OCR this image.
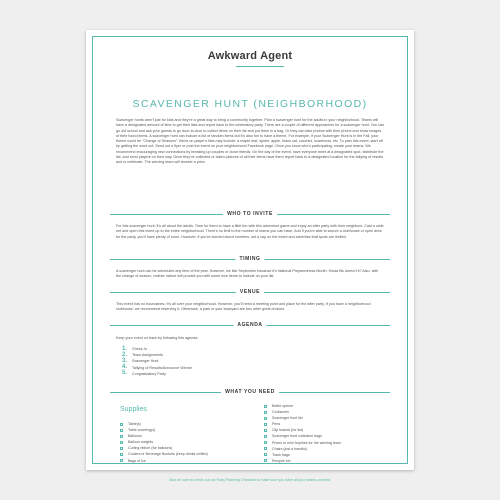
Awkward Agent
SCAVENGER HUNT (NEIGHBORHOOD)

Scavenger hunts aren't just for kids and they're a great way to bring a community together. Plan a scavenger hunt for the adults in your neighborhood. Teams will have a designated amount of time to get their lists and report back to the celebratory party. There are a couple of different approaches for a scavenger hunt. You can go old school and ask your guests to go door-to-door to collect items on their list and put them in a bag. Or they can take photos with their phone and show images of their found items. A scavenger hunt can include a list of random items but it's also fun to have a theme. For example, if your Scavenger Hunt is in the Fall, your theme could be "Change of Seasons". Items on player's lists may include: a maple leaf, spider, apple, black cat, zucchini, scarecrow, etc. To plan this event, start off by getting the word out. Send out a flyer or post the event on your neighborhood Facebook page. Once you know who's participating, create your teams. We recommend encouraging new connections by breaking up couples or close friends. On the day of the event, have everyone meet at a designated spot, distribute the list, and send players on their way. Once they've collected or taken pictures of all their items have them report back to a designated location for the tallying of results and to celebrate. The winning team will receive a prize.

WHO TO INVITE

For this scavenger hunt, it's all about the adults. Time for them to have a little fun with this adventure game and enjoy an after party with their neighbors. Cast a wide net and open this event up to the entire neighborhood. There's no limit to the number of teams you can have. And if you're able to secure a clubhouse or open area for the party, you'll have plenty of room. However, if you're worried about numbers, set a cap on the event and advertise that spots are limited.

TIMING

A scavenger hunt can be scheduled any time of the year. However, we like September because it's National Preparedness Month. Kinda fits doesn't it? Also, with the change of season, mother nature will provide you with some nice items to include on your list.

VENUE

This event has no boundaries. It's all over your neighborhood. However, you'll need a meeting point and place for the after party. If you have a neighborhood clubhouse, we recommend reserving it. Otherwise, a park or your backyard are two other great choices.

AGENDA

Keep your event on track by following this agenda.

1. Check-In
2. Team Assignments
3. Scavenger Hunt
4. Tallying of Results/Announce Winner
5. Congratulatory Party
WHAT YOU NEED
Supplies
Table(s)
Table covering(s)
Balloons
Balloon weights
Curling ribbon (for balloons)
Coolers or Beverage Buckets (keep drinks chilled)
Bags of ice
Bottle opener
Corkscrew
Scavenger hunt list
Pens
Clip boards (for list)
Scavenger hunt collection bags
Prizes or mini trophies for the winning team
Chairs (just a handful)
Trash bags
Recycle bin
Also be sure to check out our Party Planning Checklist to make sure you have all your bases covered.
